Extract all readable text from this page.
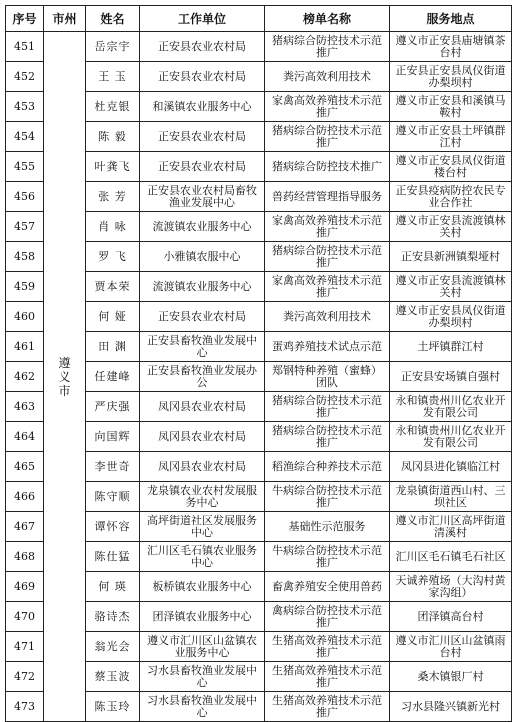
序号	市州	姓名	工作单位	榜单名称	服务地点
451	遵义市	岳宗宇	正安县农业农村局	猪病综合防控技术示范推广	遵义市正安县庙塘镇茶台村
452		王 玉	正安县农业农村局	粪污高效利用技术	正安县正安县凤仪街道办梨坝村
453		杜克银	和溪镇农业服务中心	家禽高效养殖技术示范推广	遵义市正安县和溪镇马鞍村
454		陈 毅	正安县农业农村局	猪病综合防控技术示范推广	遵义市正安县土坪镇群江村
455		叶龚飞	正安县农业农村局	猪病综合防控技术推广	遵义市正安县凤仪街道楼台村
456		张 芳	正安县农业农村局畜牧渔业发展中心	兽药经营管理指导服务	正安县疫病防控农民专业合作社
457		肖 咏	流渡镇农业服务中心	家禽高效养殖技术示范推广	遵义市正安县流渡镇林关村
458		罗 飞	小雅镇农服中心	猪病综合防控技术示范推广	正安县新洲镇梨垭村
459		贾本荣	流渡镇农业服务中心	家禽高效养殖技术示范推广	遵义市正安县流渡镇林关村
460		何 娅	正安县农业农村局	粪污高效利用技术	遵义市正安县凤仪街道办梨坝村
461		田 渊	正安县畜牧渔业发展中心	蛋鸡养殖技术试点示范	土坪镇群江村
462		任建峰	正安县畜牧渔业发展办公	郑钢特种养殖（蜜蜂）团队	正安县安场镇自强村
463		严庆强	凤冈县农业农村局	猪病综合防控技术示范推广	永和镇贵州川亿农业开发有限公司
464		向国辉	凤冈县农业农村局	猪病综合防控技术示范推广	永和镇贵州川亿农业开发有限公司
465		李世奇	凤冈县农业农村局	稻渔综合种养技术示范	凤冈县进化镇临江村
466		陈守顺	龙泉镇农业农村发展服务中心	牛病综合防控技术示范推广	龙泉镇街道西山村、三坝社区
467		谭怀容	高坪街道社区发展服务中心	基础性示范服务	遵义市汇川区高坪街道清溪村
468		陈仕猛	汇川区毛石镇农业服务中心	牛病综合防控技术示范推广	汇川区毛石镇毛石社区
469		何 瑛	板桥镇农业服务中心	畜禽养殖安全使用兽药	天诚养殖场（大沟村黄家沟组）
470		骆诗杰	团泽镇农业服务中心	禽病综合防控技术示范推广	团泽镇高台村
471		翁光会	遵义市汇川区山盆镇农业服务中心	生猪高效养殖技术示范推广	遵义市汇川区山盆镇雨台村
472		蔡玉波	习水县畜牧渔业发展中心	生猪高效养殖技术示范推广	桑木镇银厂村
473		陈玉玲	习水县畜牧渔业发展中心	生猪高效养殖技术示范推广	习水县隆兴镇新光村
